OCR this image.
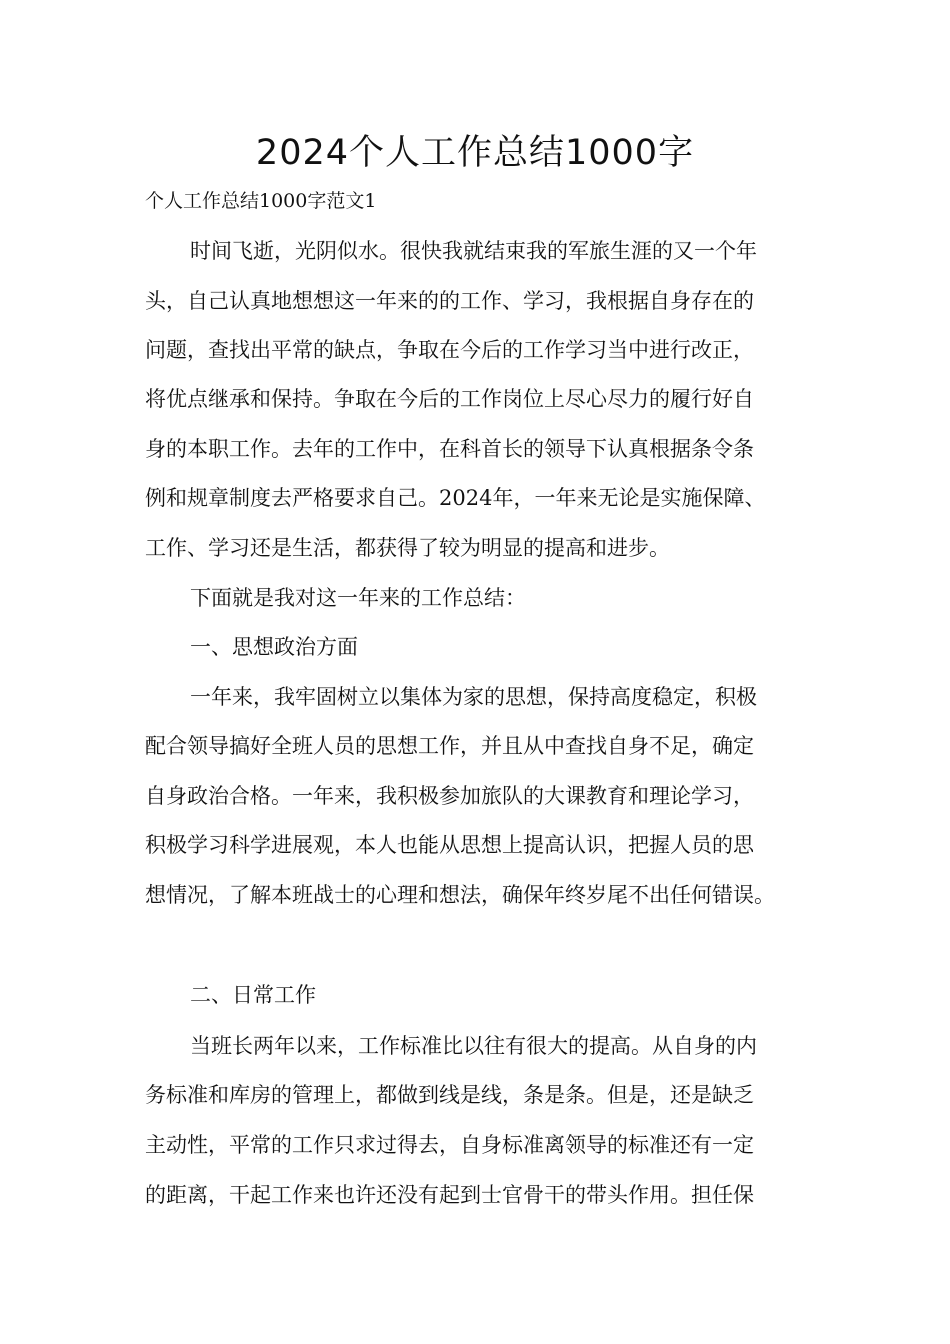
2024个人工作总结1000字

个人工作总结1000字范文1

时间飞逝，光阴似水。很快我就结束我的军旅生涯的又一个年

头，自己认真地想想这一年来的的工作、学习，我根据自身存在的

问题，查找出平常的缺点，争取在今后的工作学习当中进行改正，

将优点继承和保持。争取在今后的工作岗位上尽心尽力的履行好自

身的本职工作。去年的工作中，在科首长的领导下认真根据条令条

例和规章制度去严格要求自己。2024年，一年来无论是实施保障、

工作、学习还是生活，都获得了较为明显的提高和进步。

下面就是我对这一年来的工作总结：

一、思想政治方面

一年来，我牢固树立以集体为家的思想，保持高度稳定，积极

配合领导搞好全班人员的思想工作，并且从中查找自身不足，确定

自身政治合格。一年来，我积极参加旅队的大课教育和理论学习，

积极学习科学进展观，本人也能从思想上提高认识，把握人员的思

想情况，了解本班战士的心理和想法，确保年终岁尾不出任何错误。

二、日常工作

当班长两年以来，工作标准比以往有很大的提高。从自身的内

务标准和库房的管理上，都做到线是线，条是条。但是，还是缺乏

主动性，平常的工作只求过得去，自身标准离领导的标准还有一定

的距离，干起工作来也许还没有起到士官骨干的带头作用。担任保
